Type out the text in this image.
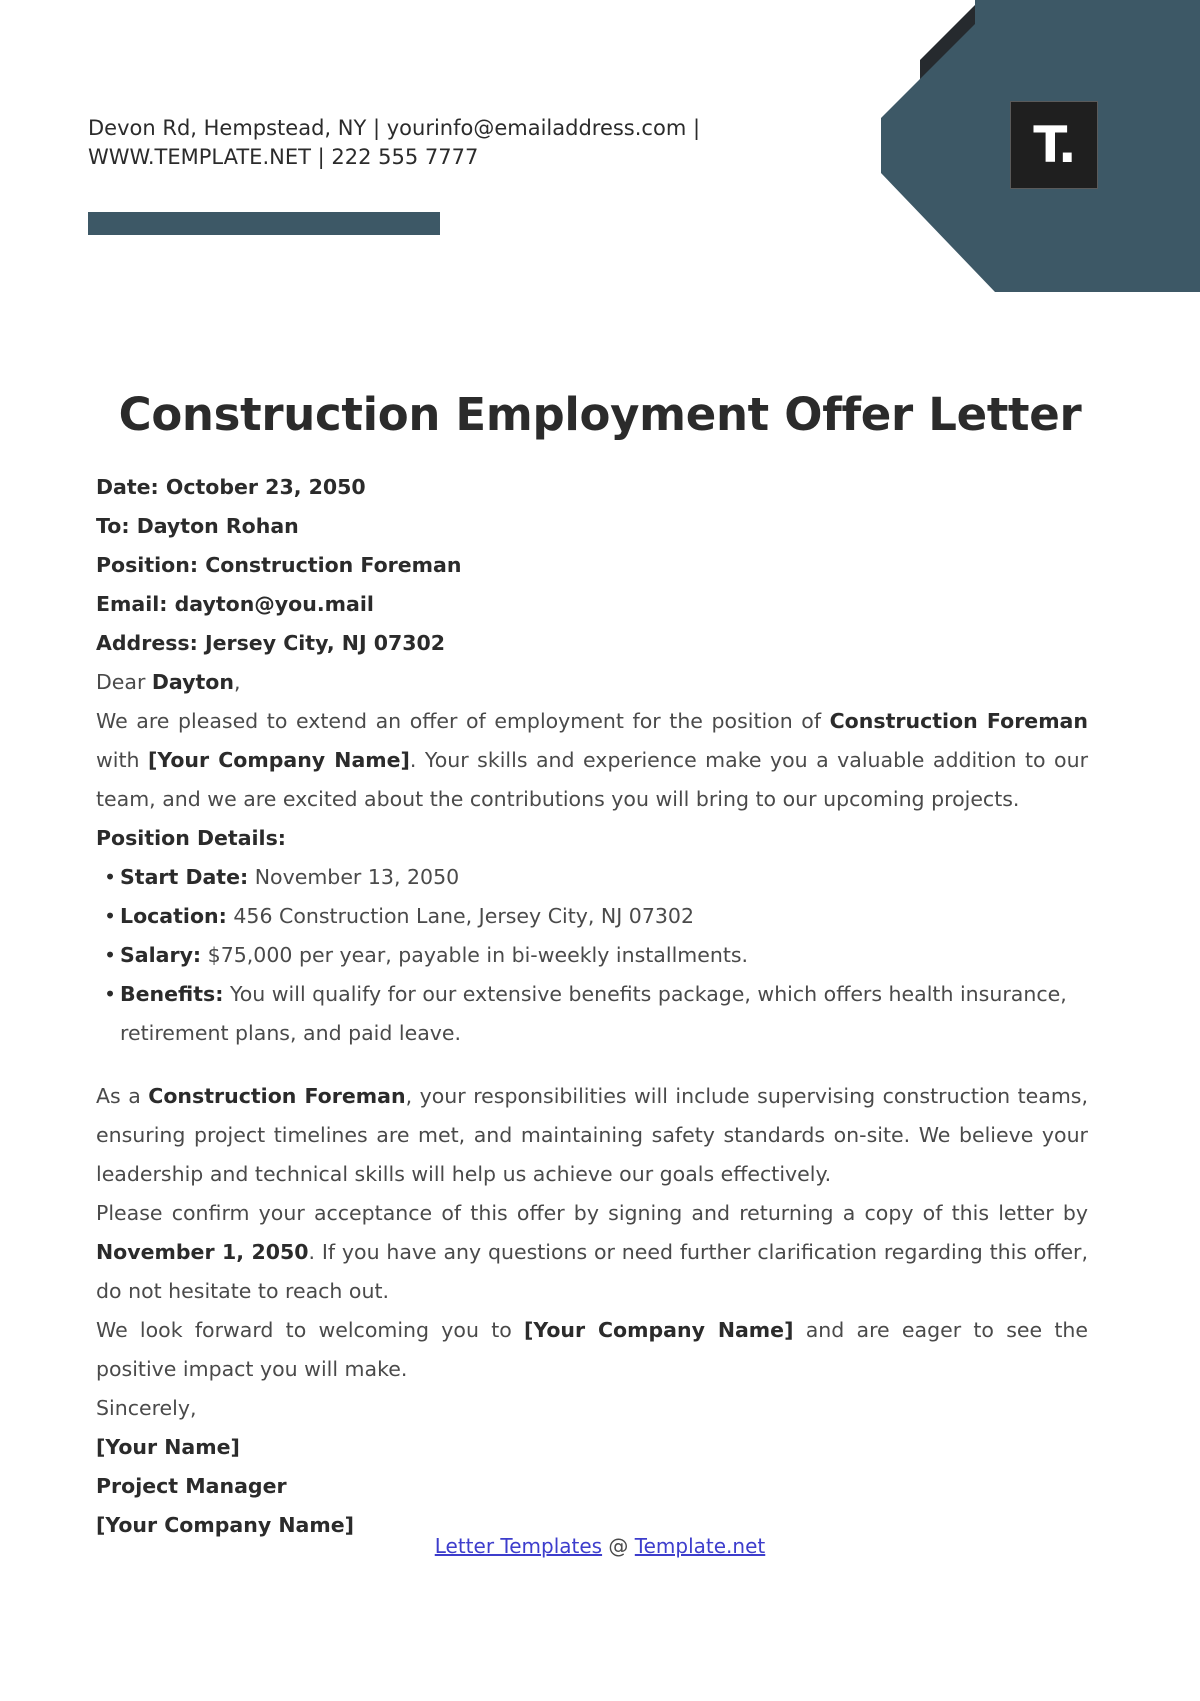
T.
Devon Rd, Hempstead, NY | yourinfo@emailaddress.com |
WWW.TEMPLATE.NET | 222 555 7777
Construction Employment Offer Letter

Date: October 23, 2050

To: Dayton Rohan

Position: Construction Foreman

Email: dayton@you.mail

Address: Jersey City, NJ 07302

Dear Dayton,

We are pleased to extend an offer of employment for the position of Construction Foreman with [Your Company Name]. Your skills and experience make you a valuable addition to our team, and we are excited about the contributions you will bring to our upcoming projects.

Position Details:

• Start Date: November 13, 2050
• Location: 456 Construction Lane, Jersey City, NJ 07302
• Salary: $75,000 per year, payable in bi-weekly installments.
• Benefits: You will qualify for our extensive benefits package, which offers health insurance, retirement plans, and paid leave.

As a Construction Foreman, your responsibilities will include supervising construction teams, ensuring project timelines are met, and maintaining safety standards on-site. We believe your leadership and technical skills will help us achieve our goals effectively.

Please confirm your acceptance of this offer by signing and returning a copy of this letter by November 1, 2050. If you have any questions or need further clarification regarding this offer, do not hesitate to reach out.

We look forward to welcoming you to [Your Company Name] and are eager to see the positive impact you will make.

Sincerely,

[Your Name]

Project Manager

[Your Company Name]

Letter Templates @ Template.net
